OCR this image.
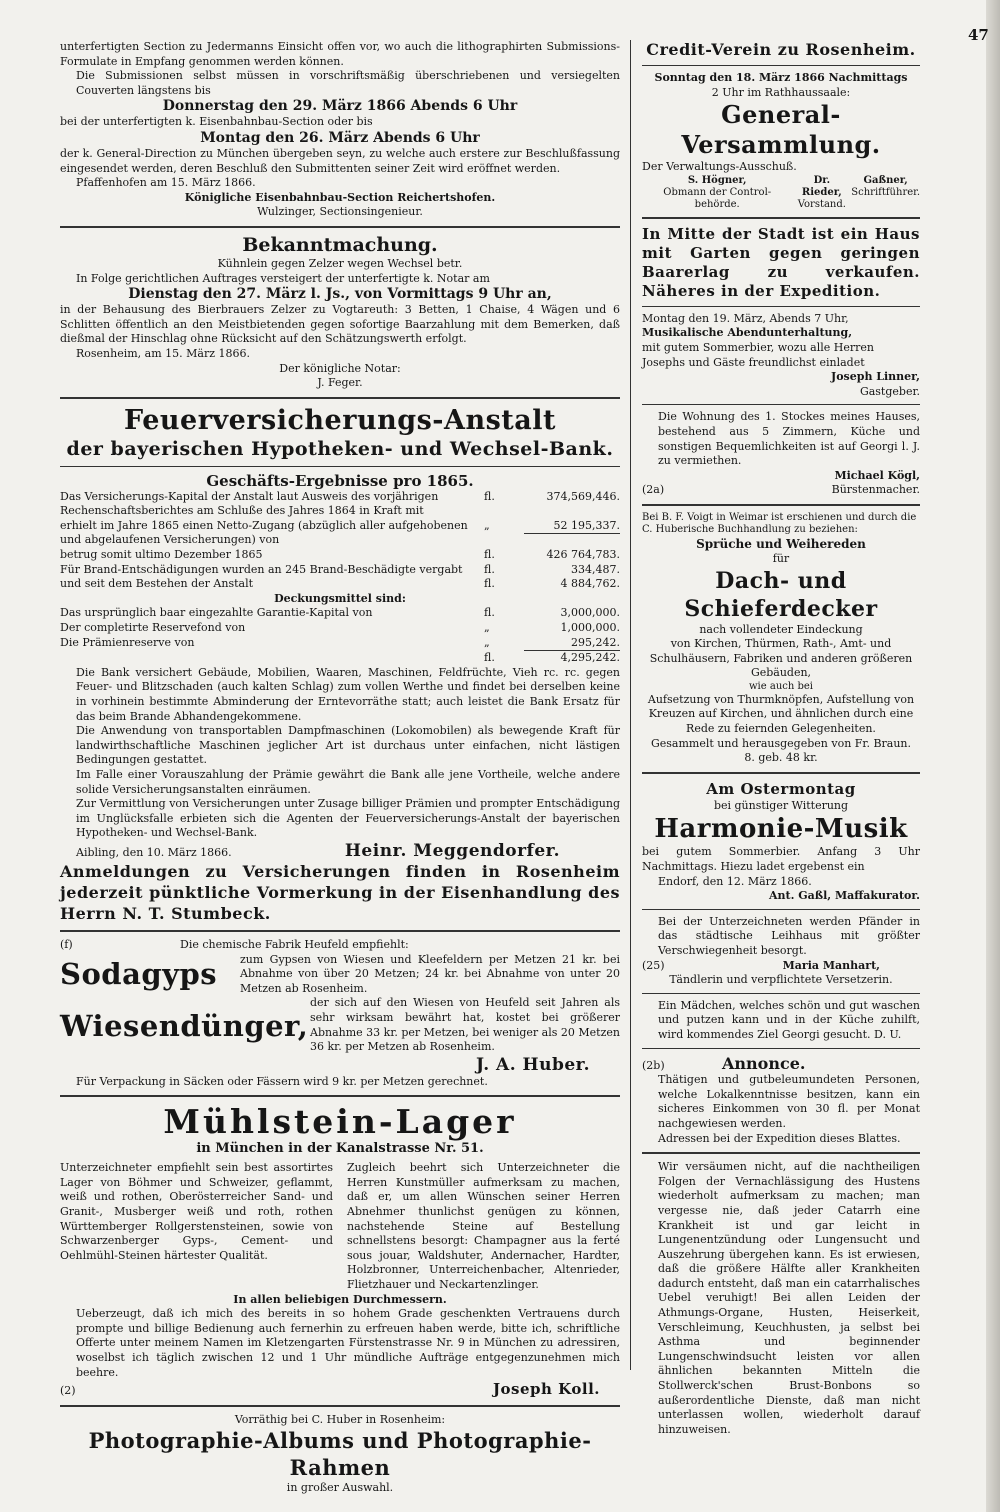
47

unterfertigten Section zu Jedermanns Einsicht offen vor, wo auch die lithographirten Submissions-Formulate in Empfang genommen werden können.

Die Submissionen selbst müssen in vorschriftsmäßig überschriebenen und versiegelten Couverten längstens bis

Donnerstag den 29. März 1866 Abends 6 Uhr

bei der unterfertigten k. Eisenbahnbau-Section oder bis

Montag den 26. März Abends 6 Uhr

der k. General-Direction zu München übergeben seyn, zu welche auch erstere zur Beschlußfassung eingesendet werden, deren Beschluß den Submittenten seiner Zeit wird eröffnet werden.

Pfaffenhofen am 15. März 1866.

Königliche Eisenbahnbau-Section Reichertshofen.

Wulzinger, Sectionsingenieur.

Bekanntmachung.

Kühnlein gegen Zelzer wegen Wechsel betr.

In Folge gerichtlichen Auftrages versteigert der unterfertigte k. Notar am

Dienstag den 27. März l. Js., von Vormittags 9 Uhr an,

in der Behausung des Bierbrauers Zelzer zu Vogtareuth: 3 Betten, 1 Chaise, 4 Wägen und 6 Schlitten öffentlich an den Meistbietenden gegen sofortige Baarzahlung mit dem Bemerken, daß dießmal der Hinschlag ohne Rücksicht auf den Schätzungswerth erfolgt.

Rosenheim, am 15. März 1866.

Der königliche Notar:

J. Feger.

Feuerversicherungs-Anstalt

der bayerischen Hypotheken- und Wechsel-Bank.

Geschäfts-Ergebnisse pro 1865.

Das Versicherungs-Kapital der Anstalt laut Ausweis des vorjährigen Rechenschaftsberichtes am Schluße des Jahres 1864 in Kraft mit
fl.	374,569,446.
erhielt im Jahre 1865 einen Netto-Zugang (abzüglich aller aufgehobenen und abgelaufenen Versicherungen) von
„	52 195,337.
betrug somit ultimo Dezember 1865	fl.	426 764,783.
Für Brand-Entschädigungen wurden an 245 Brand-Beschädigte vergabt	fl.	334,487.
und seit dem Bestehen der Anstalt	fl.	4 884,762.

Deckungsmittel sind:

Das ursprünglich baar eingezahlte Garantie-Kapital von	fl.	3,000,000.
Der completirte Reservefond von	„	1,000,000.
Die Prämienreserve von	„	295,242.
fl.	4,295,242.

Die Bank versichert Gebäude, Mobilien, Waaren, Maschinen, Feldfrüchte, Vieh rc. rc. gegen Feuer- und Blitzschaden (auch kalten Schlag) zum vollen Werthe und findet bei derselben keine in vorhinein bestimmte Abminderung der Erntevorräthe statt; auch leistet die Bank Ersatz für das beim Brande Abhandengekommene.

Die Anwendung von transportablen Dampfmaschinen (Lokomobilen) als bewegende Kraft für landwirthschaftliche Maschinen jeglicher Art ist durchaus unter einfachen, nicht lästigen Bedingungen gestattet.

Im Falle einer Vorauszahlung der Prämie gewährt die Bank alle jene Vortheile, welche andere solide Versicherungsanstalten einräumen.

Zur Vermittlung von Versicherungen unter Zusage billiger Prämien und prompter Entschädigung im Unglücksfalle erbieten sich die Agenten der Feuerversicherungs-Anstalt der bayerischen Hypotheken- und Wechsel-Bank.

Aibling, den 10. März 1866.	Heinr. Meggendorfer.

Anmeldungen zu Versicherungen finden in Rosenheim jederzeit pünktliche Vormerkung in der Eisenhandlung des Herrn N. T. Stumbeck.

(f)	Die chemische Fabrik Heufeld empfiehlt:
Sodagyps	zum Gypsen von Wiesen und Kleefeldern per Metzen 21 kr. bei Abnahme von über 20 Metzen; 24 kr. bei Abnahme von unter 20 Metzen ab Rosenheim.
Wiesendünger,
der sich auf den Wiesen von Heufeld seit Jahren als sehr wirksam bewährt hat, kostet bei größerer Abnahme 33 kr. per Metzen, bei weniger als 20 Metzen 36 kr. per Metzen ab Rosenheim.

J. A. Huber.

Für Verpackung in Säcken oder Fässern wird 9 kr. per Metzen gerechnet.

Mühlstein-Lager

in München in der Kanalstrasse Nr. 51.

Unterzeichneter empfiehlt sein best assortirtes Lager von Böhmer und Schweizer, geflammt, weiß und rothen, Oberösterreicher Sand- und Granit-, Musberger weiß und roth, rothen Württemberger Rollgerstensteinen, sowie von Schwarzenberger Gyps-, Cement- und Oehlmühl-Steinen härtester Qualität.

Zugleich beehrt sich Unterzeichneter die Herren Kunstmüller aufmerksam zu machen, daß er, um allen Wünschen seiner Herren Abnehmer thunlichst genügen zu können, nachstehende Steine auf Bestellung schnellstens besorgt: Champagner aus la ferté sous jouar, Waldshuter, Andernacher, Hardter, Holzbronner, Unterreichenbacher, Altenrieder, Flietzhauer und Neckartenzlinger.

In allen beliebigen Durchmessern.

Ueberzeugt, daß ich mich des bereits in so hohem Grade geschenkten Vertrauens durch prompte und billige Bedienung auch fernerhin zu erfreuen haben werde, bitte ich, schriftliche Offerte unter meinem Namen im Kletzengarten Fürstenstrasse Nr. 9 in München zu adressiren, woselbst ich täglich zwischen 12 und 1 Uhr mündliche Aufträge entgegenzunehmen mich beehre.

(2)	Joseph Koll.

Vorräthig bei C. Huber in Rosenheim:

Photographie-Albums und Photographie-Rahmen

in großer Auswahl.

Credit-Verein zu Rosenheim.

Sonntag den 18. März 1866 Nachmittags

2 Uhr im Rathhaussaale:

General-Versammlung.

Der Verwaltungs-Ausschuß.

S. Högner,
Obmann der Control-behörde.
Dr. Rieder,
Vorstand.
Gaßner,
Schriftführer.

In Mitte der Stadt ist ein Haus mit Garten gegen geringen Baarerlag zu verkaufen. Näheres in der Expedition.

Montag den 19. März, Abends 7 Uhr,

Musikalische Abendunterhaltung,

mit gutem Sommerbier, wozu alle Herren

Josephs und Gäste freundlichst einladet

Joseph Linner,

Gastgeber.

Die Wohnung des 1. Stockes meines Hauses, bestehend aus 5 Zimmern, Küche und sonstigen Bequemlichkeiten ist auf Georgi l. J. zu vermiethen.

Michael Kögl,

(2a)	Bürstenmacher.

Bei B. F. Voigt in Weimar ist erschienen und durch die C. Huberische Buchhandlung zu beziehen:

Sprüche und Weihereden

für

Dach- und Schieferdecker

nach vollendeter Eindeckung

von Kirchen, Thürmen, Rath-, Amt- und Schulhäusern, Fabriken und anderen größeren Gebäuden,

wie auch bei

Aufsetzung von Thurmknöpfen, Aufstellung von Kreuzen auf Kirchen, und ähnlichen durch eine Rede zu feiernden Gelegenheiten.

Gesammelt und herausgegeben von Fr. Braun.

8. geb. 48 kr.

Am Ostermontag

bei günstiger Witterung

Harmonie-Musik

bei gutem Sommerbier. Anfang 3 Uhr Nachmittags. Hiezu ladet ergebenst ein

Endorf, den 12. März 1866.

Ant. Gaßl, Maffakurator.

Bei der Unterzeichneten werden Pfänder in das städtische Leihhaus mit größter Verschwiegenheit besorgt.

(25)	Maria Manhart,

Tändlerin und verpflichtete Versetzerin.

Ein Mädchen, welches schön und gut waschen und putzen kann und in der Küche zuhilft, wird kommendes Ziel Georgi gesucht. D. U.

(2b)	Annonce.

Thätigen und gutbeleumundeten Personen, welche Lokalkenntnisse besitzen, kann ein sicheres Einkommen von 30 fl. per Monat nachgewiesen werden.

Adressen bei der Expedition dieses Blattes.

Wir versäumen nicht, auf die nachtheiligen Folgen der Vernachlässigung des Hustens wiederholt aufmerksam zu machen; man vergesse nie, daß jeder Catarrh eine Krankheit ist und gar leicht in Lungenentzündung oder Lungensucht und Auszehrung übergehen kann. Es ist erwiesen, daß die größere Hälfte aller Krankheiten dadurch entsteht, daß man ein catarrhalisches Uebel veruhigt! Bei allen Leiden der Athmungs-Organe, Husten, Heiserkeit, Verschleimung, Keuchhusten, ja selbst bei Asthma und beginnender Lungenschwindsucht leisten vor allen ähnlichen bekannten Mitteln die Stollwerck'schen Brust-Bonbons so außerordentliche Dienste, daß man nicht unterlassen wollen, wiederholt darauf hinzuweisen.
